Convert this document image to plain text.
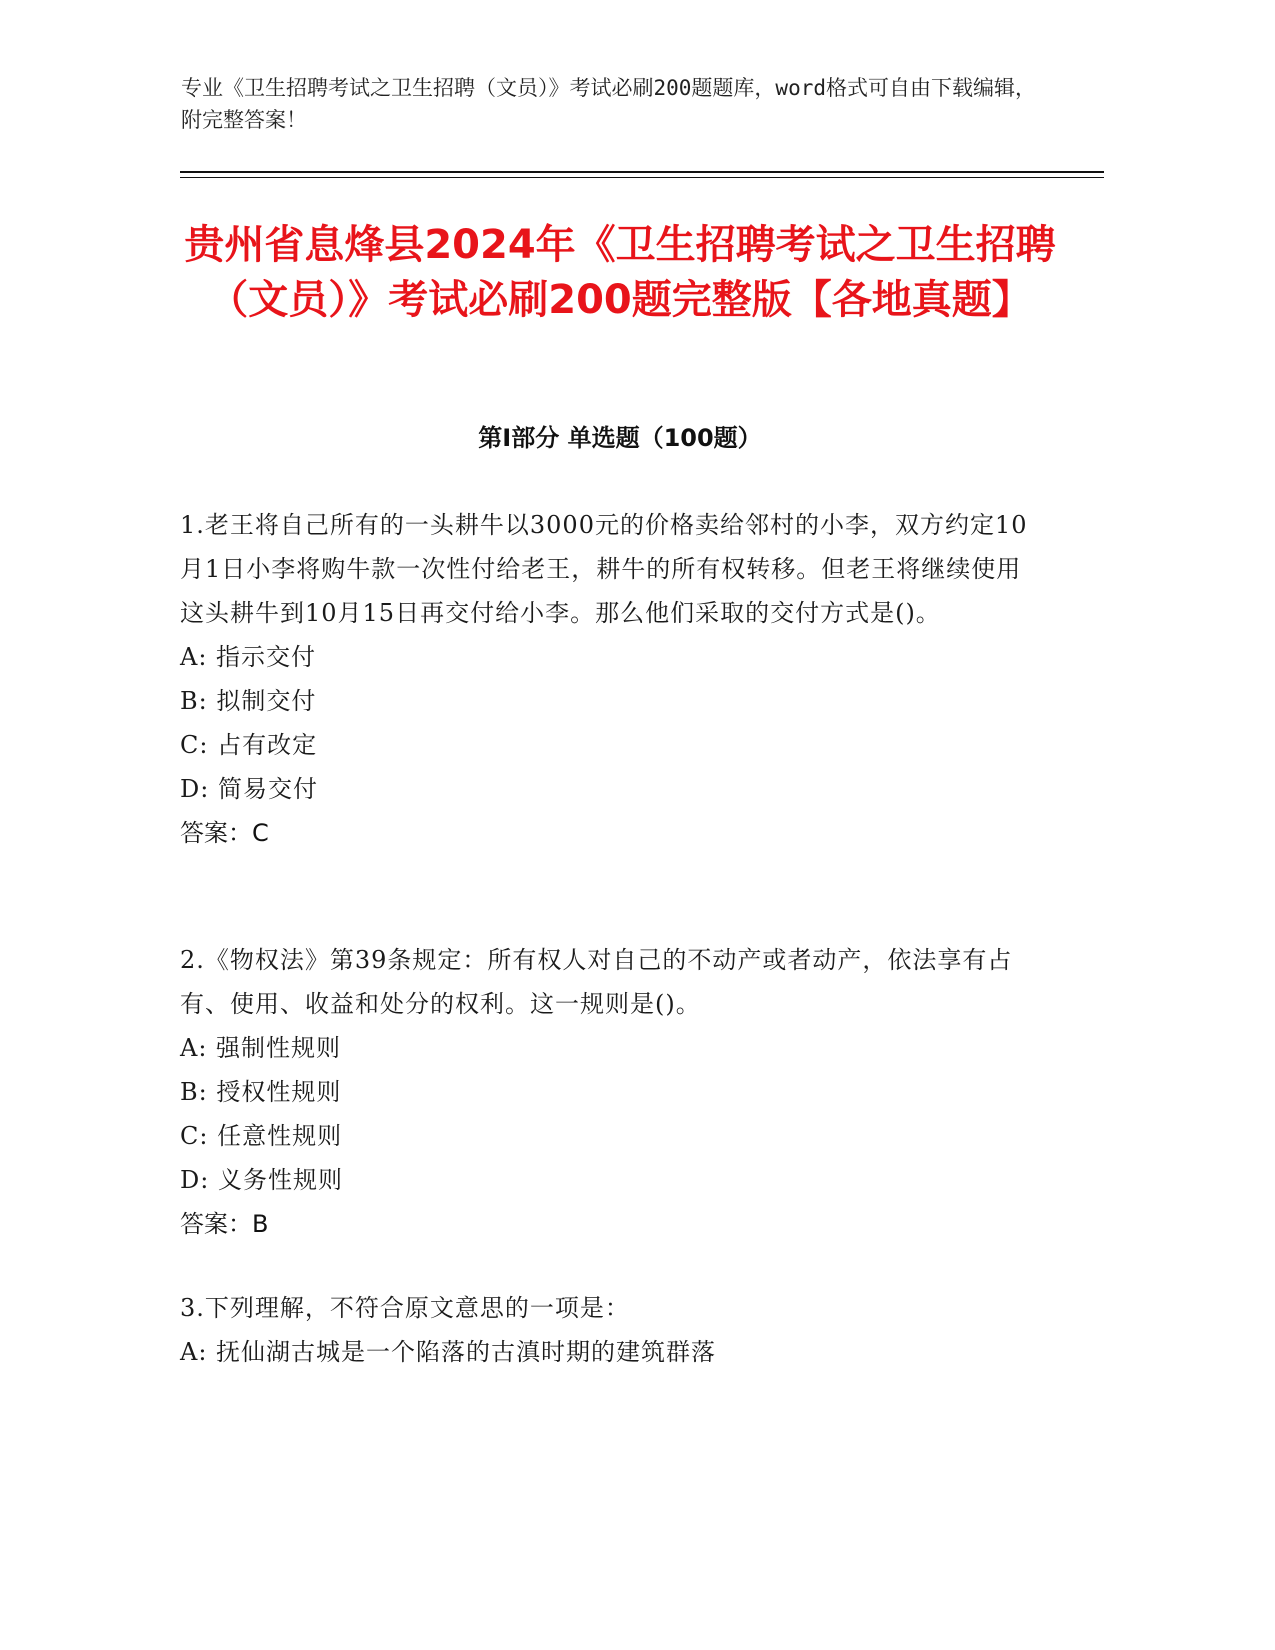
专业《卫生招聘考试之卫生招聘（文员）》考试必刷200题题库，word格式可自由下载编辑，附完整答案！
贵州省息烽县2024年《卫生招聘考试之卫生招聘（文员）》考试必刷200题完整版【各地真题】
第I部分 单选题（100题）

1.老王将自己所有的一头耕牛以3000元的价格卖给邻村的小李，双方约定10月1日小李将购牛款一次性付给老王，耕牛的所有权转移。但老王将继续使用这头耕牛到10月15日再交付给小李。那么他们采取的交付方式是()。

A: 指示交付

B: 拟制交付

C: 占有改定

D: 简易交付

答案：C

2.《物权法》第39条规定：所有权人对自己的不动产或者动产，依法享有占有、使用、收益和处分的权利。这一规则是()。

A: 强制性规则

B: 授权性规则

C: 任意性规则

D: 义务性规则

答案：B

3.下列理解，不符合原文意思的一项是：

A: 抚仙湖古城是一个陷落的古滇时期的建筑群落
